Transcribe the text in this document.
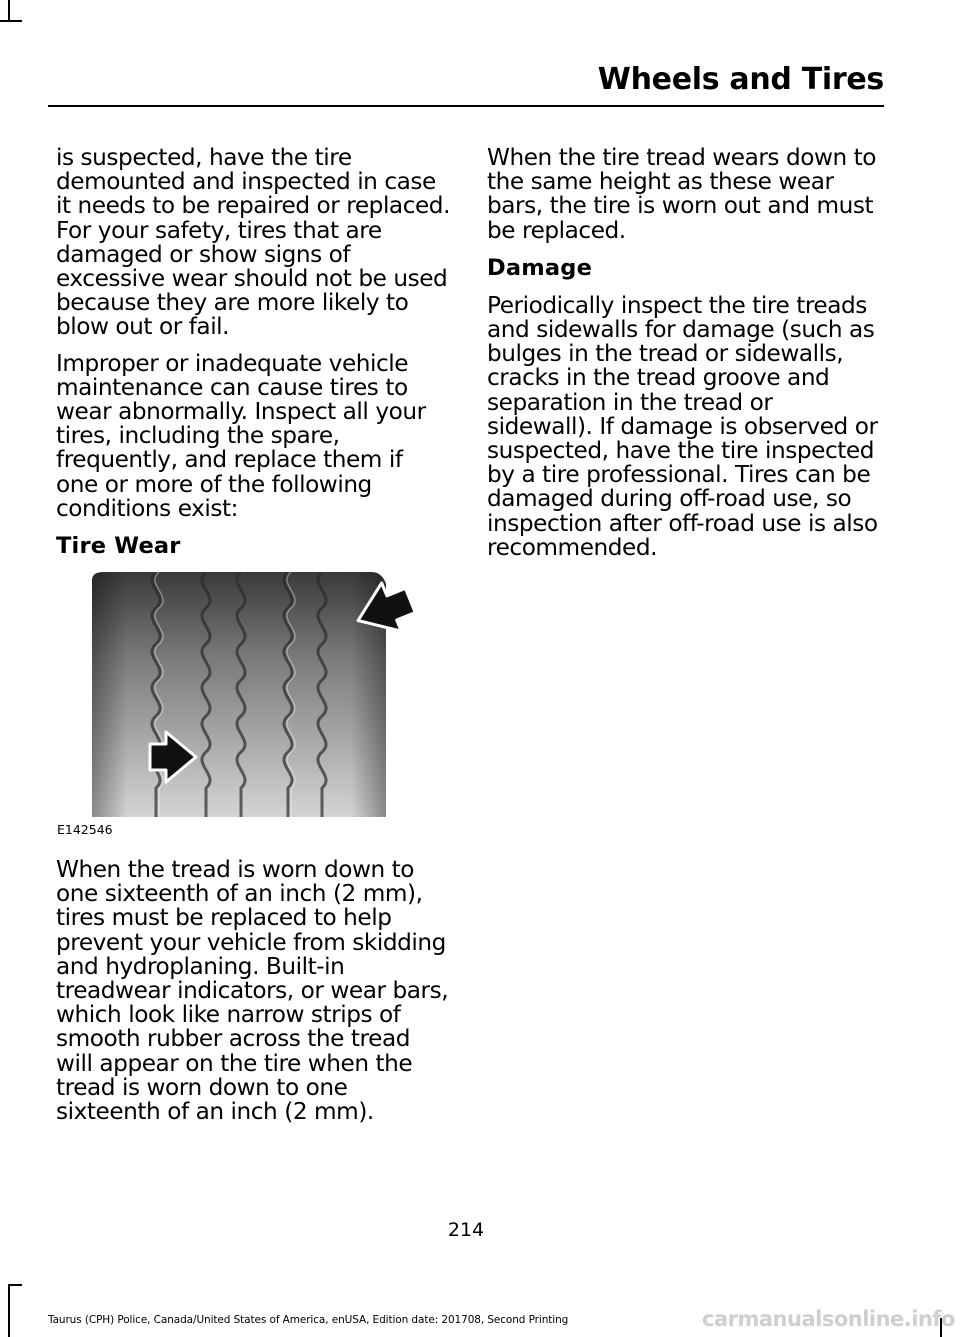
Wheels and Tires

is suspected, have the tire demounted and inspected in case it needs to be repaired or replaced. For your safety, tires that are damaged or show signs of excessive wear should not be used because they are more likely to blow out or fail.

Improper or inadequate vehicle maintenance can cause tires to wear abnormally. Inspect all your tires, including the spare, frequently, and replace them if one or more of the following conditions exist:

Tire Wear
E142546

When the tread is worn down to one sixteenth of an inch (2 mm), tires must be replaced to help prevent your vehicle from skidding and hydroplaning. Built-in treadwear indicators, or wear bars, which look like narrow strips of smooth rubber across the tread will appear on the tire when the tread is worn down to one sixteenth of an inch (2 mm).

When the tire tread wears down to the same height as these wear bars, the tire is worn out and must be replaced.

Damage

Periodically inspect the tire treads and sidewalls for damage (such as bulges in the tread or sidewalls, cracks in the tread groove and separation in the tread or sidewall). If damage is observed or suspected, have the tire inspected by a tire professional. Tires can be damaged during off-road use, so inspection after off-road use is also recommended.

214

Taurus (CPH) Police, Canada/United States of America, enUSA, Edition date: 201708, Second Printing	carmanualsonline.info
